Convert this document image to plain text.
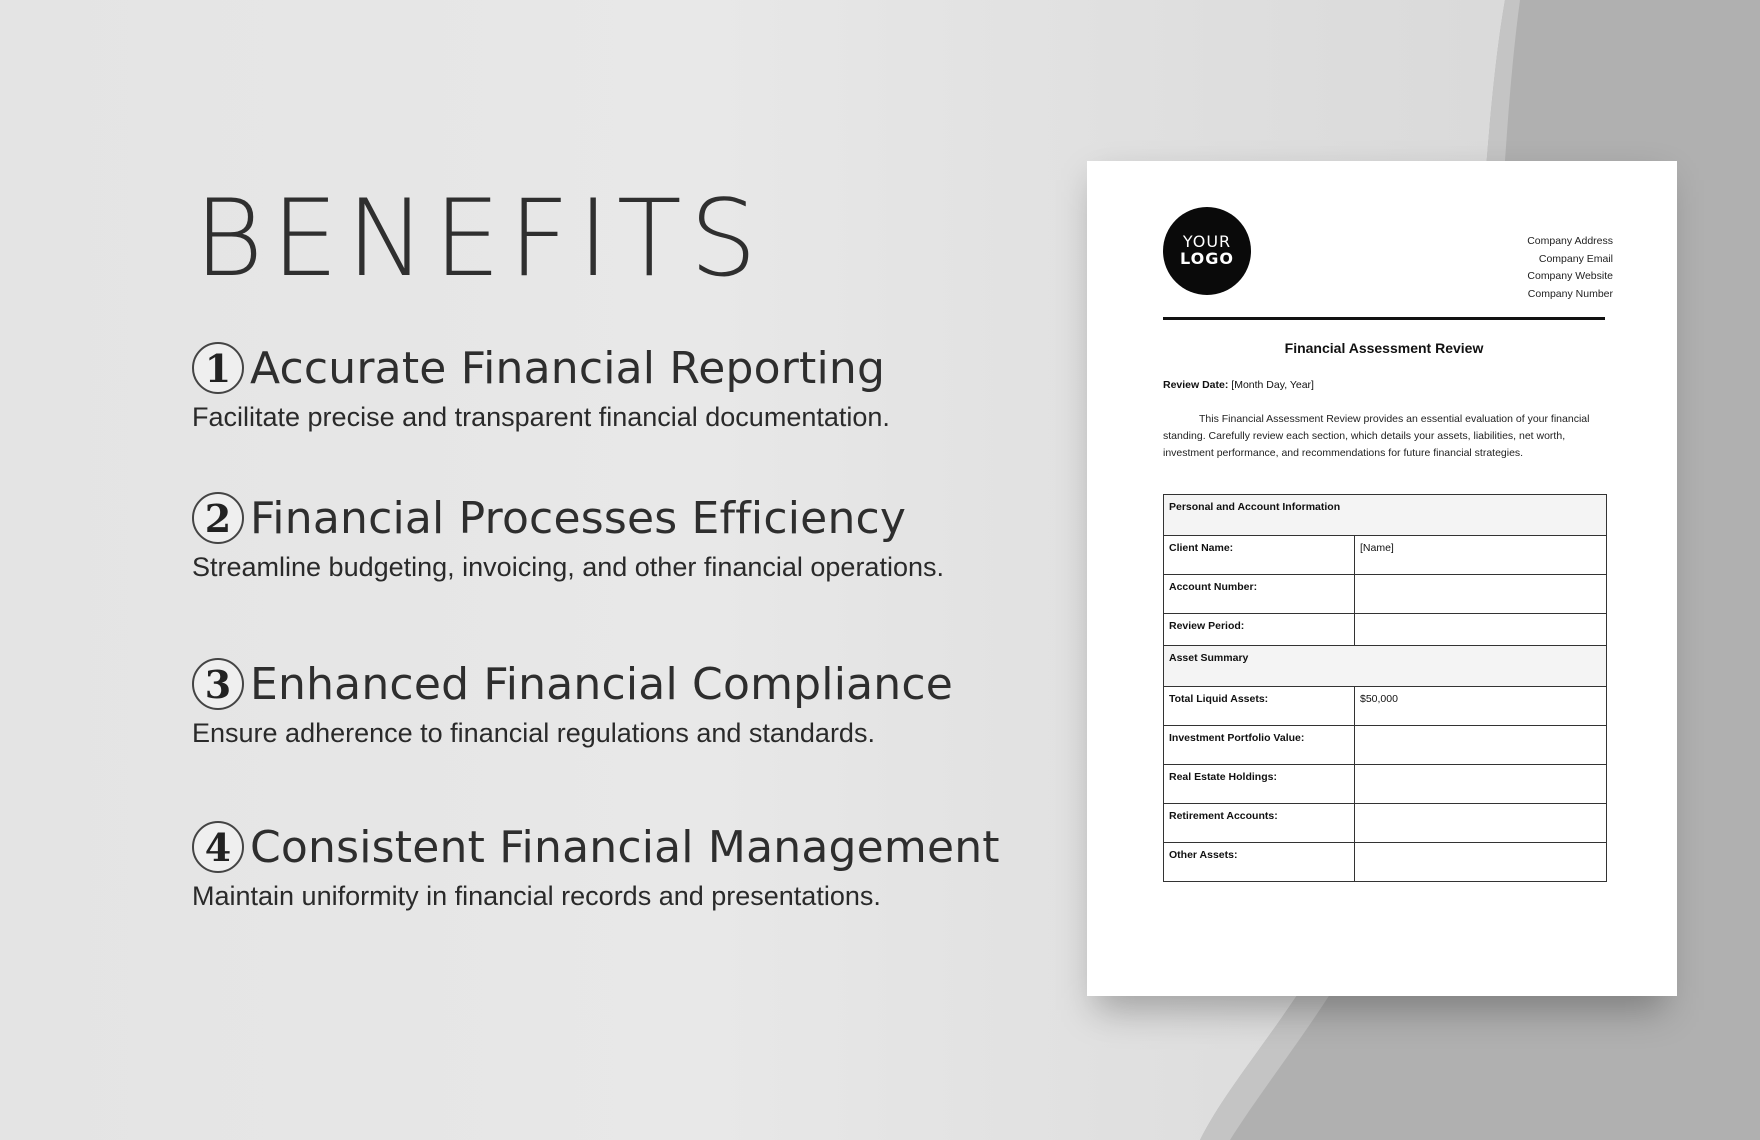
BENEFITS
1 Accurate Financial Reporting
Facilitate precise and transparent financial documentation.
2 Financial Processes Efficiency
Streamline budgeting, invoicing, and other financial operations.
3 Enhanced Financial Compliance
Ensure adherence to financial regulations and standards.
4 Consistent Financial Management
Maintain uniformity in financial records and presentations.
YOUR
LOGO
Company Address
Company Email
Company Website
Company Number
Financial Assessment Review
Review Date: [Month Day, Year]

This Financial Assessment Review provides an essential evaluation of your financial standing. Carefully review each section, which details your assets, liabilities, net worth, investment performance, and recommendations for future financial strategies.

Personal and Account Information	
Client Name:	[Name]
Account Number:	
Review Period:	
Asset Summary	
Total Liquid Assets:	$50,000
Investment Portfolio Value:	
Real Estate Holdings:	
Retirement Accounts:	
Other Assets:	
